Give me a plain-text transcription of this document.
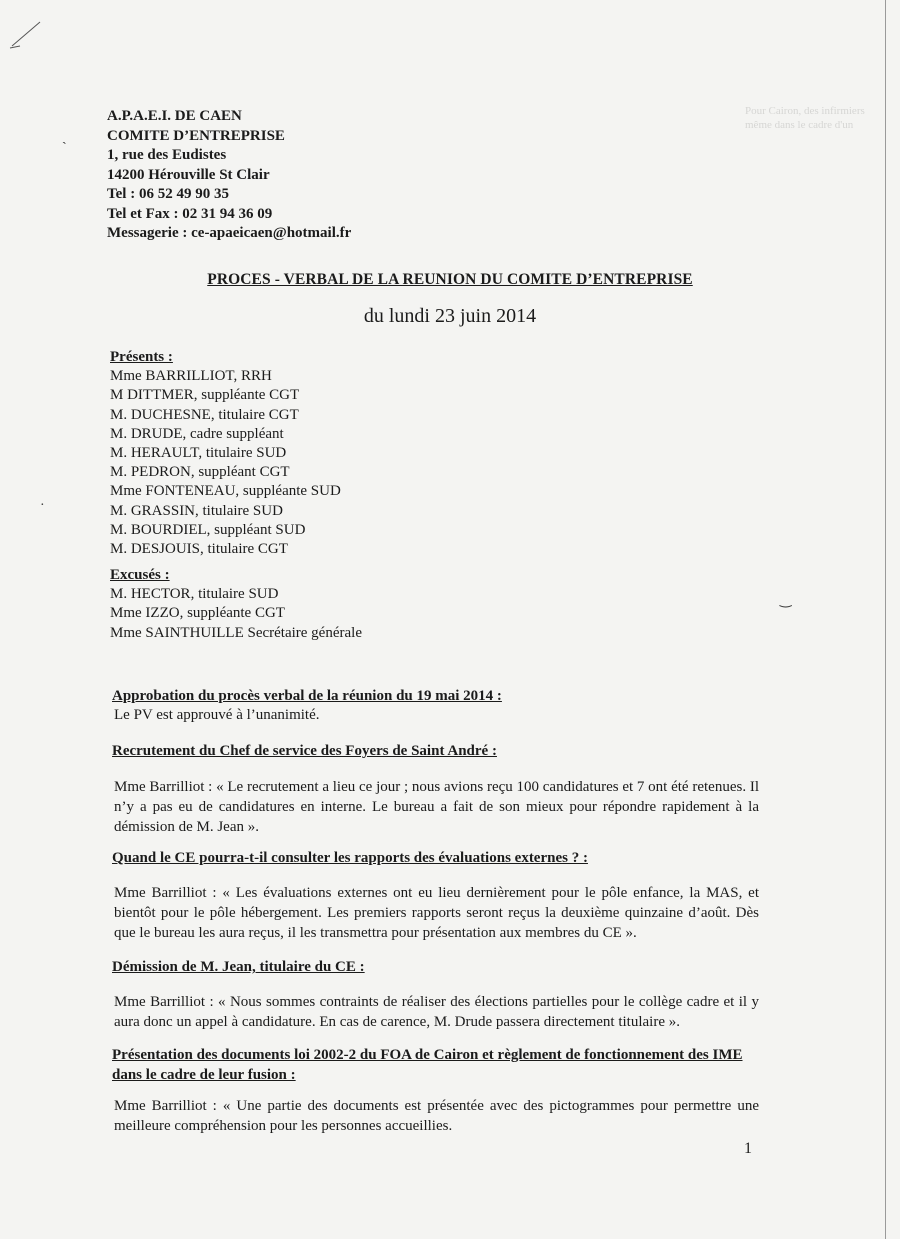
Pour Cairon, des infirmiers
même dans le cadre d'un
A.P.A.E.I. DE CAEN
COMITE D’ENTREPRISE
1, rue des Eudistes
14200 Hérouville St Clair
Tel : 06 52 49 90 35
Tel et Fax : 02 31 94 36 09
Messagerie : ce-apaeicaen@hotmail.fr
PROCES - VERBAL DE LA REUNION DU COMITE D’ENTREPRISE
du lundi 23 juin 2014
Présents :
Mme BARRILLIOT, RRH
M DITTMER, suppléante CGT
M. DUCHESNE, titulaire CGT
M. DRUDE, cadre suppléant
M. HERAULT, titulaire SUD
M. PEDRON, suppléant CGT
Mme FONTENEAU, suppléante SUD
M. GRASSIN, titulaire SUD
M. BOURDIEL, suppléant SUD
M. DESJOUIS, titulaire CGT
Excusés :
M. HECTOR, titulaire SUD
Mme IZZO, suppléante CGT
Mme SAINTHUILLE Secrétaire générale
Approbation du procès verbal de la réunion du 19 mai 2014 :
Le PV est approuvé à l’unanimité.
Recrutement du Chef de service des Foyers de Saint André :
Mme Barrilliot : « Le recrutement a lieu ce jour ; nous avions reçu 100 candidatures et 7 ont été retenues. Il n’y a pas eu de candidatures en interne. Le bureau a fait de son mieux pour répondre rapidement à la démission de M. Jean ».
Quand le CE pourra-t-il consulter les rapports des évaluations externes ? :
Mme Barrilliot : « Les évaluations externes ont eu lieu dernièrement pour le pôle enfance, la MAS, et bientôt pour le pôle hébergement. Les premiers rapports seront reçus la deuxième quinzaine d’août. Dès que le bureau les aura reçus, il les transmettra pour présentation aux membres du CE ».
Démission de M. Jean, titulaire du CE :
Mme Barrilliot : « Nous sommes contraints de réaliser des élections partielles pour le collège cadre et il y aura donc un appel à candidature. En cas de carence, M. Drude passera directement titulaire ».
Présentation des documents loi 2002-2 du FOA de Cairon et règlement de fonctionnement des IME dans le cadre de leur fusion :
Mme Barrilliot : « Une partie des documents est présentée avec des pictogrammes pour permettre une meilleure compréhension pour les personnes accueillies.
1
ˎ
·
‿
